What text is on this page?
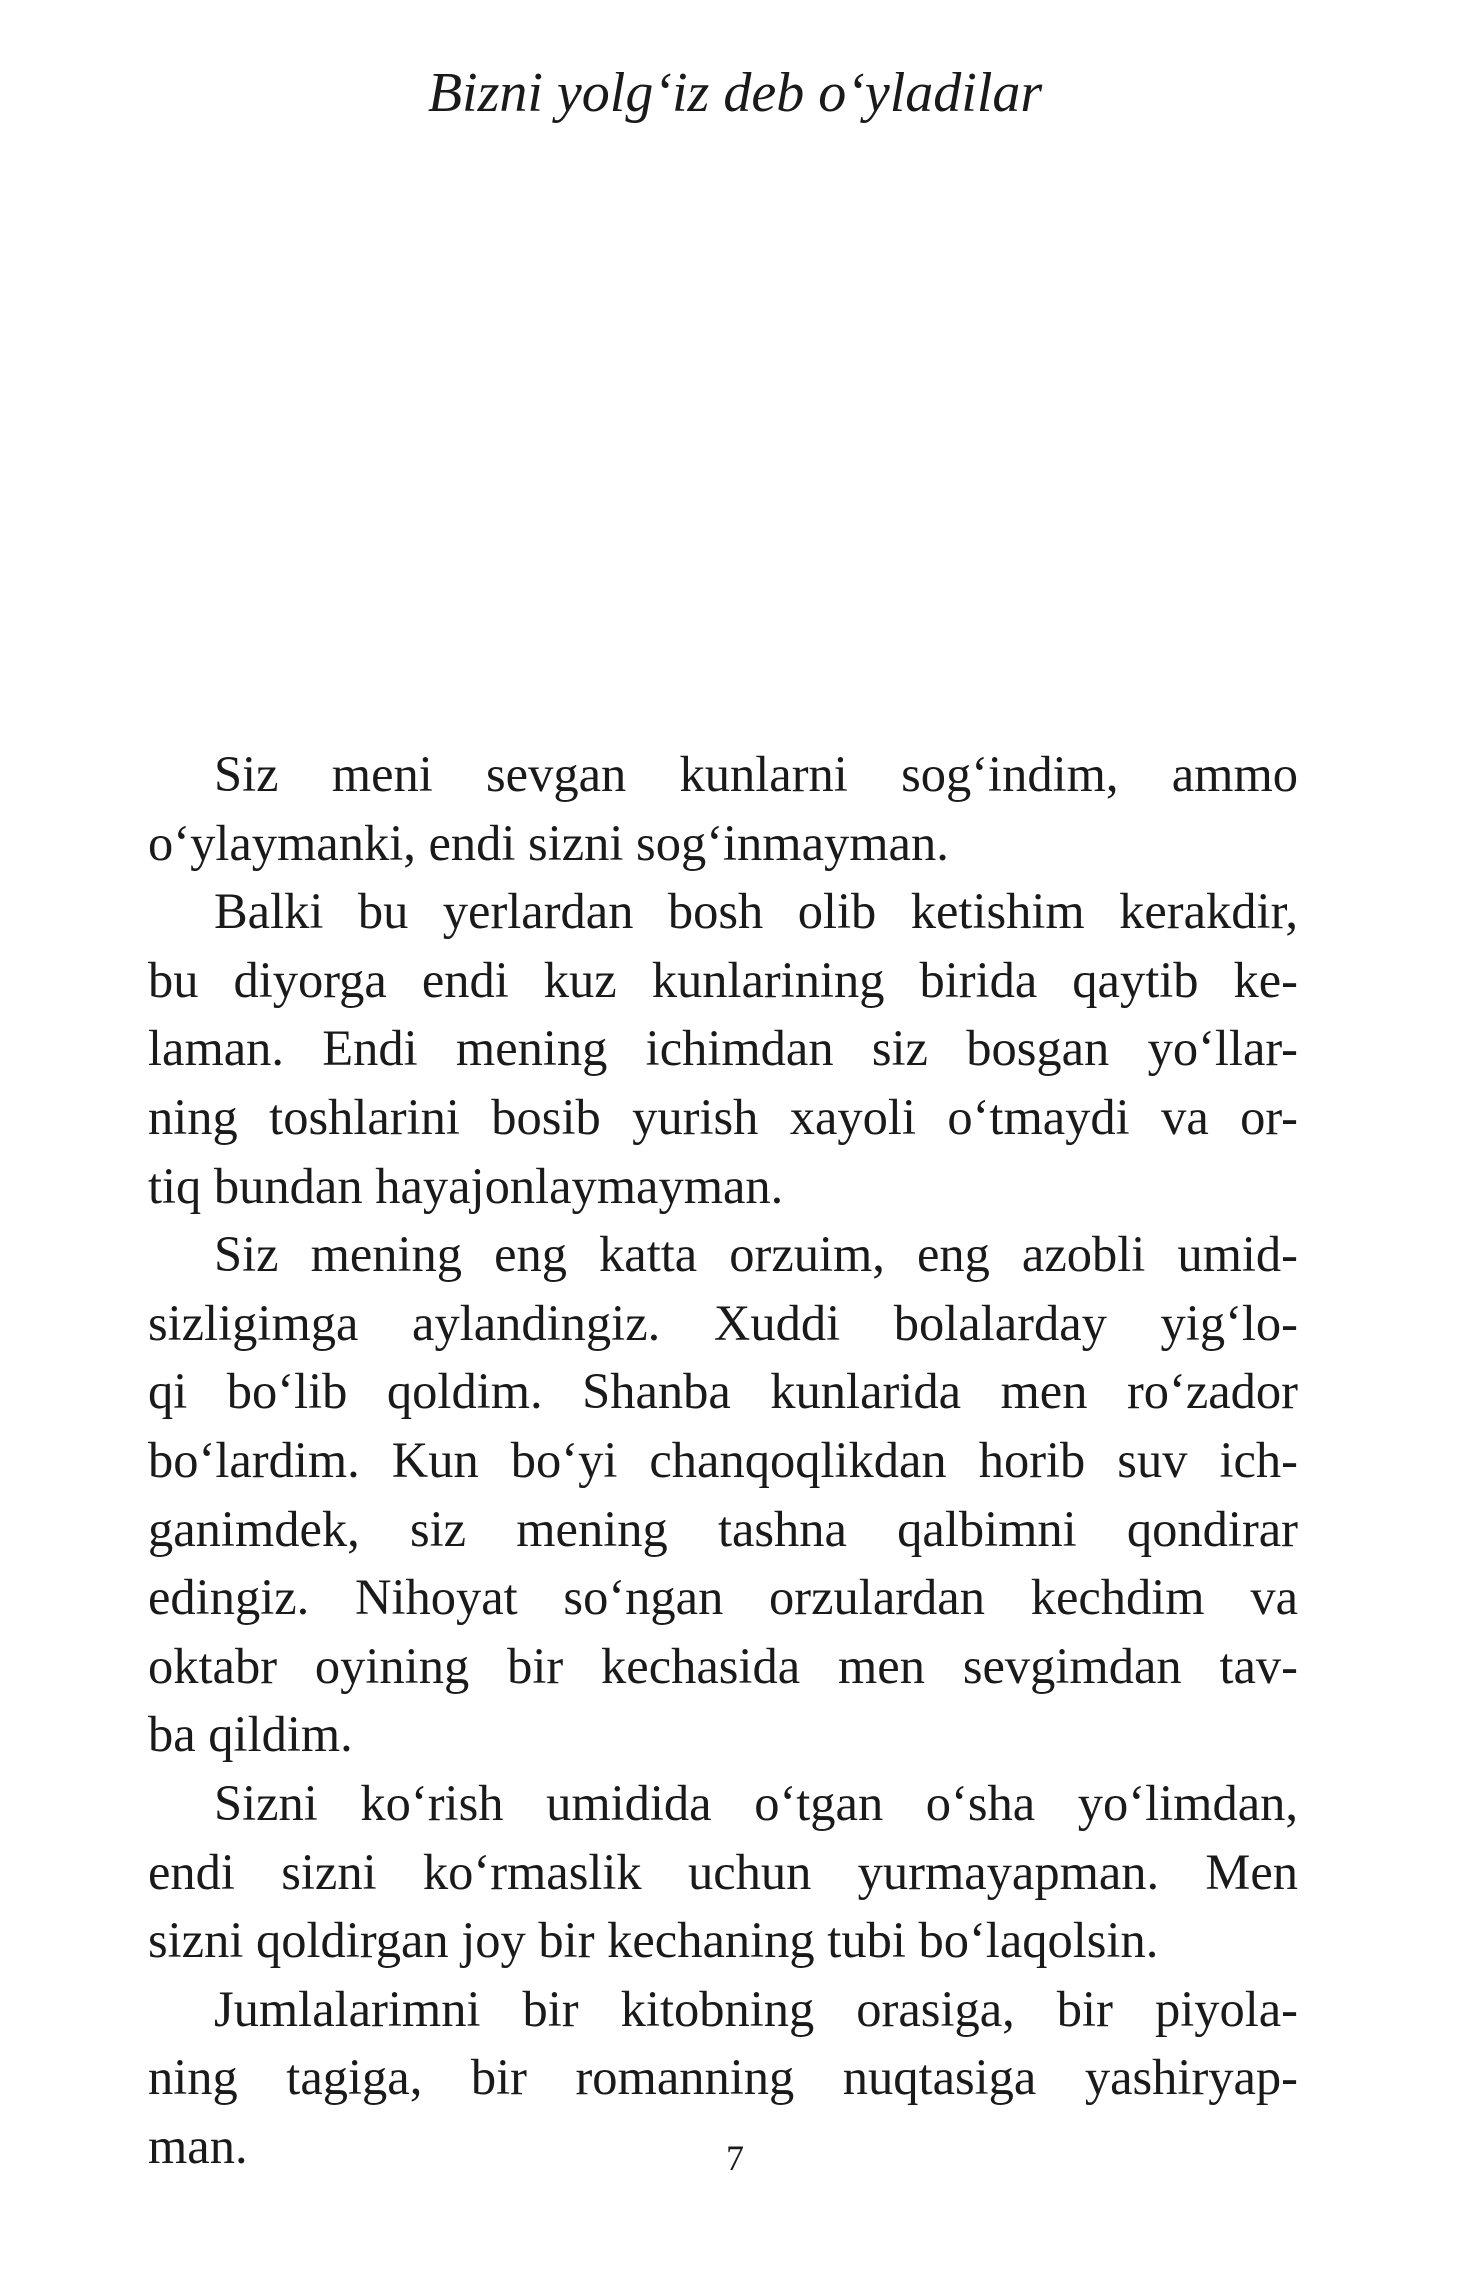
Bizni yolg‘iz deb o‘yladilar
Siz meni sevgan kunlarni sog‘indim, ammo
o‘ylaymanki, endi sizni sog‘inmayman.
Balki bu yerlardan bosh olib ketishim kerakdir,
bu diyorga endi kuz kunlarining birida qaytib ke-
laman. Endi mening ichimdan siz bosgan yo‘llar-
ning toshlarini bosib yurish xayoli o‘tmaydi va or-
tiq bundan hayajonlaymayman.
Siz mening eng katta orzuim, eng azobli umid-
sizligimga aylandingiz. Xuddi bolalarday yig‘lo-
qi bo‘lib qoldim. Shanba kunlarida men ro‘zador
bo‘lardim. Kun bo‘yi chanqoqlikdan horib suv ich-
ganimdek, siz mening tashna qalbimni qondirar
edingiz. Nihoyat so‘ngan orzulardan kechdim va
oktabr oyining bir kechasida men sevgimdan tav-
ba qildim.
Sizni ko‘rish umidida o‘tgan o‘sha yo‘limdan,
endi sizni ko‘rmaslik uchun yurmayapman. Men
sizni qoldirgan joy bir kechaning tubi bo‘laqolsin.
Jumlalarimni bir kitobning orasiga, bir piyola-
ning tagiga, bir romanning nuqtasiga yashiryap-
man.	7
